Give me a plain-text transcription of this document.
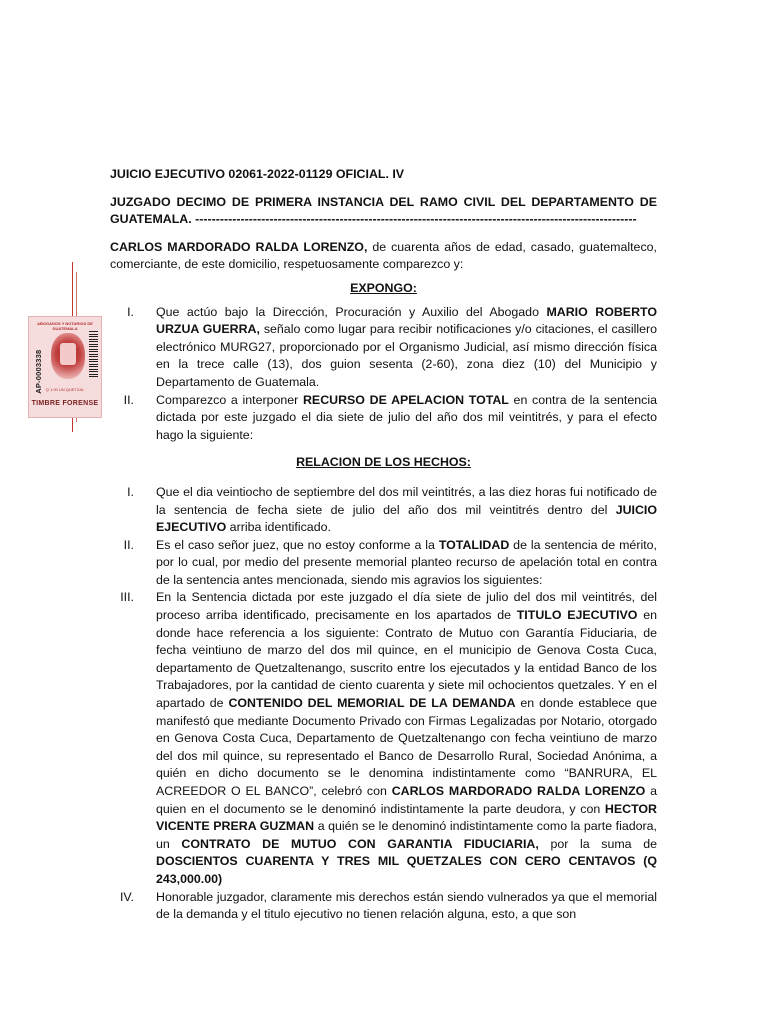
ABOGADOS Y NOTARIOS DE GUATEMALA
AP-0003338 Q 1.00 UN QUETZAL
TIMBRE FORENSE

JUICIO EJECUTIVO 02061-2022-01129 OFICIAL. IV

JUZGADO DECIMO DE PRIMERA INSTANCIA DEL RAMO CIVIL DEL DEPARTAMENTO DE

GUATEMALA. -----------------------------------------------------------------------------------------------------------

CARLOS MARDORADO RALDA LORENZO, de cuarenta años de edad, casado, guatemalteco, comerciante, de este domicilio, respetuosamente comparezco y:

EXPONGO:

I. Que actúo bajo la Dirección, Procuración y Auxilio del Abogado MARIO ROBERTO URZUA GUERRA, señalo como lugar para recibir notificaciones y/o citaciones, el casillero electrónico MURG27, proporcionado por el Organismo Judicial, así mismo dirección física en la trece calle (13), dos guion sesenta (2-60), zona diez (10) del Municipio y Departamento de Guatemala.
II. Comparezco a interponer RECURSO DE APELACION TOTAL en contra de la sentencia dictada por este juzgado el dia siete de julio del año dos mil veintitrés, y para el efecto hago la siguiente:

RELACION DE LOS HECHOS:

I. Que el dia veintiocho de septiembre del dos mil veintitrés, a las diez horas fui notificado de la sentencia de fecha siete de julio del año dos mil veintitrés dentro del JUICIO EJECUTIVO arriba identificado.
II. Es el caso señor juez, que no estoy conforme a la TOTALIDAD de la sentencia de mérito, por lo cual, por medio del presente memorial planteo recurso de apelación total en contra de la sentencia antes mencionada, siendo mis agravios los siguientes:
III. En la Sentencia dictada por este juzgado el día siete de julio del dos mil veintitrés, del proceso arriba identificado, precisamente en los apartados de TITULO EJECUTIVO en donde hace referencia a los siguiente: Contrato de Mutuo con Garantía Fiduciaria, de fecha veintiuno de marzo del dos mil quince, en el municipio de Genova Costa Cuca, departamento de Quetzaltenango, suscrito entre los ejecutados y la entidad Banco de los Trabajadores, por la cantidad de ciento cuarenta y siete mil ochocientos quetzales. Y en el apartado de CONTENIDO DEL MEMORIAL DE LA DEMANDA en donde establece que manifestó que mediante Documento Privado con Firmas Legalizadas por Notario, otorgado en Genova Costa Cuca, Departamento de Quetzaltenango con fecha veintiuno de marzo del dos mil quince, su representado el Banco de Desarrollo Rural, Sociedad Anónima, a quién en dicho documento se le denomina indistintamente como “BANRURA, EL ACREEDOR O EL BANCO”, celebró con CARLOS MARDORADO RALDA LORENZO a quien en el documento se le denominó indistintamente la parte deudora, y con HECTOR VICENTE PRERA GUZMAN a quién se le denominó indistintamente como la parte fiadora, un CONTRATO DE MUTUO CON GARANTIA FIDUCIARIA, por la suma de DOSCIENTOS CUARENTA Y TRES MIL QUETZALES CON CERO CENTAVOS (Q 243,000.00)
IV. Honorable juzgador, claramente mis derechos están siendo vulnerados ya que el memorial de la demanda y el titulo ejecutivo no tienen relación alguna, esto, a que son
